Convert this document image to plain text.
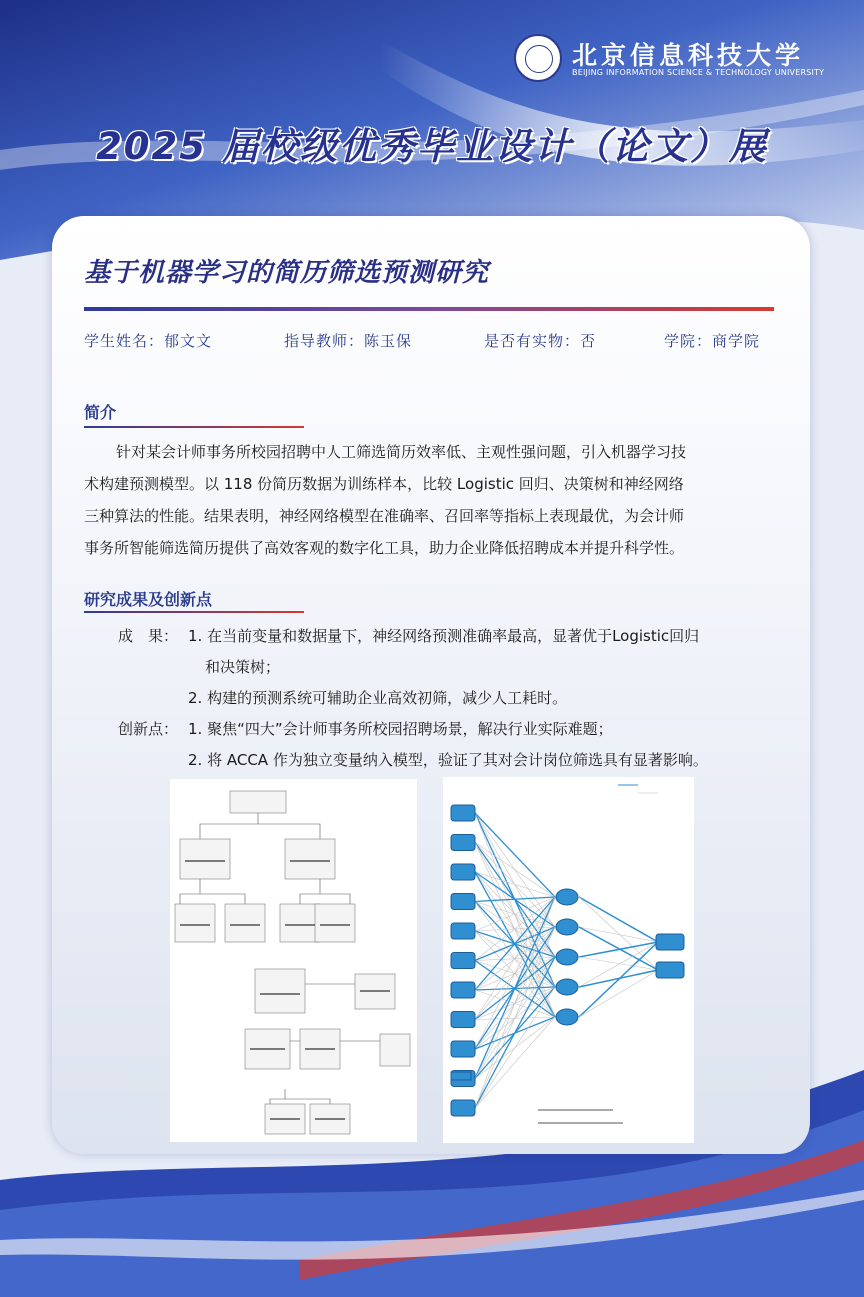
北京信息科技大学
BEIJING INFORMATION SCIENCE & TECHNOLOGY UNIVERSITY
2025 届校级优秀毕业设计（论文）展
基于机器学习的简历筛选预测研究
学生姓名：郁文文	指导教师：陈玉保	是否有实物：否	学院：商学院
简介
针对某会计师事务所校园招聘中人工筛选简历效率低、主观性强问题，引入机器学习技
术构建预测模型。以 118 份简历数据为训练样本，比较 Logistic 回归、决策树和神经网络
三种算法的性能。结果表明，神经网络模型在准确率、召回率等指标上表现最优，为会计师
事务所智能筛选简历提供了高效客观的数字化工具，助力企业降低招聘成本并提升科学性。
研究成果及创新点
成　果： 1. 在当前变量和数据量下，神经网络预测准确率最高，显著优于Logistic回归
和决策树；
2. 构建的预测系统可辅助企业高效初筛，减少人工耗时。
创新点： 1. 聚焦“四大”会计师事务所校园招聘场景，解决行业实际难题；
2. 将 ACCA 作为独立变量纳入模型，验证了其对会计岗位筛选具有显著影响。
